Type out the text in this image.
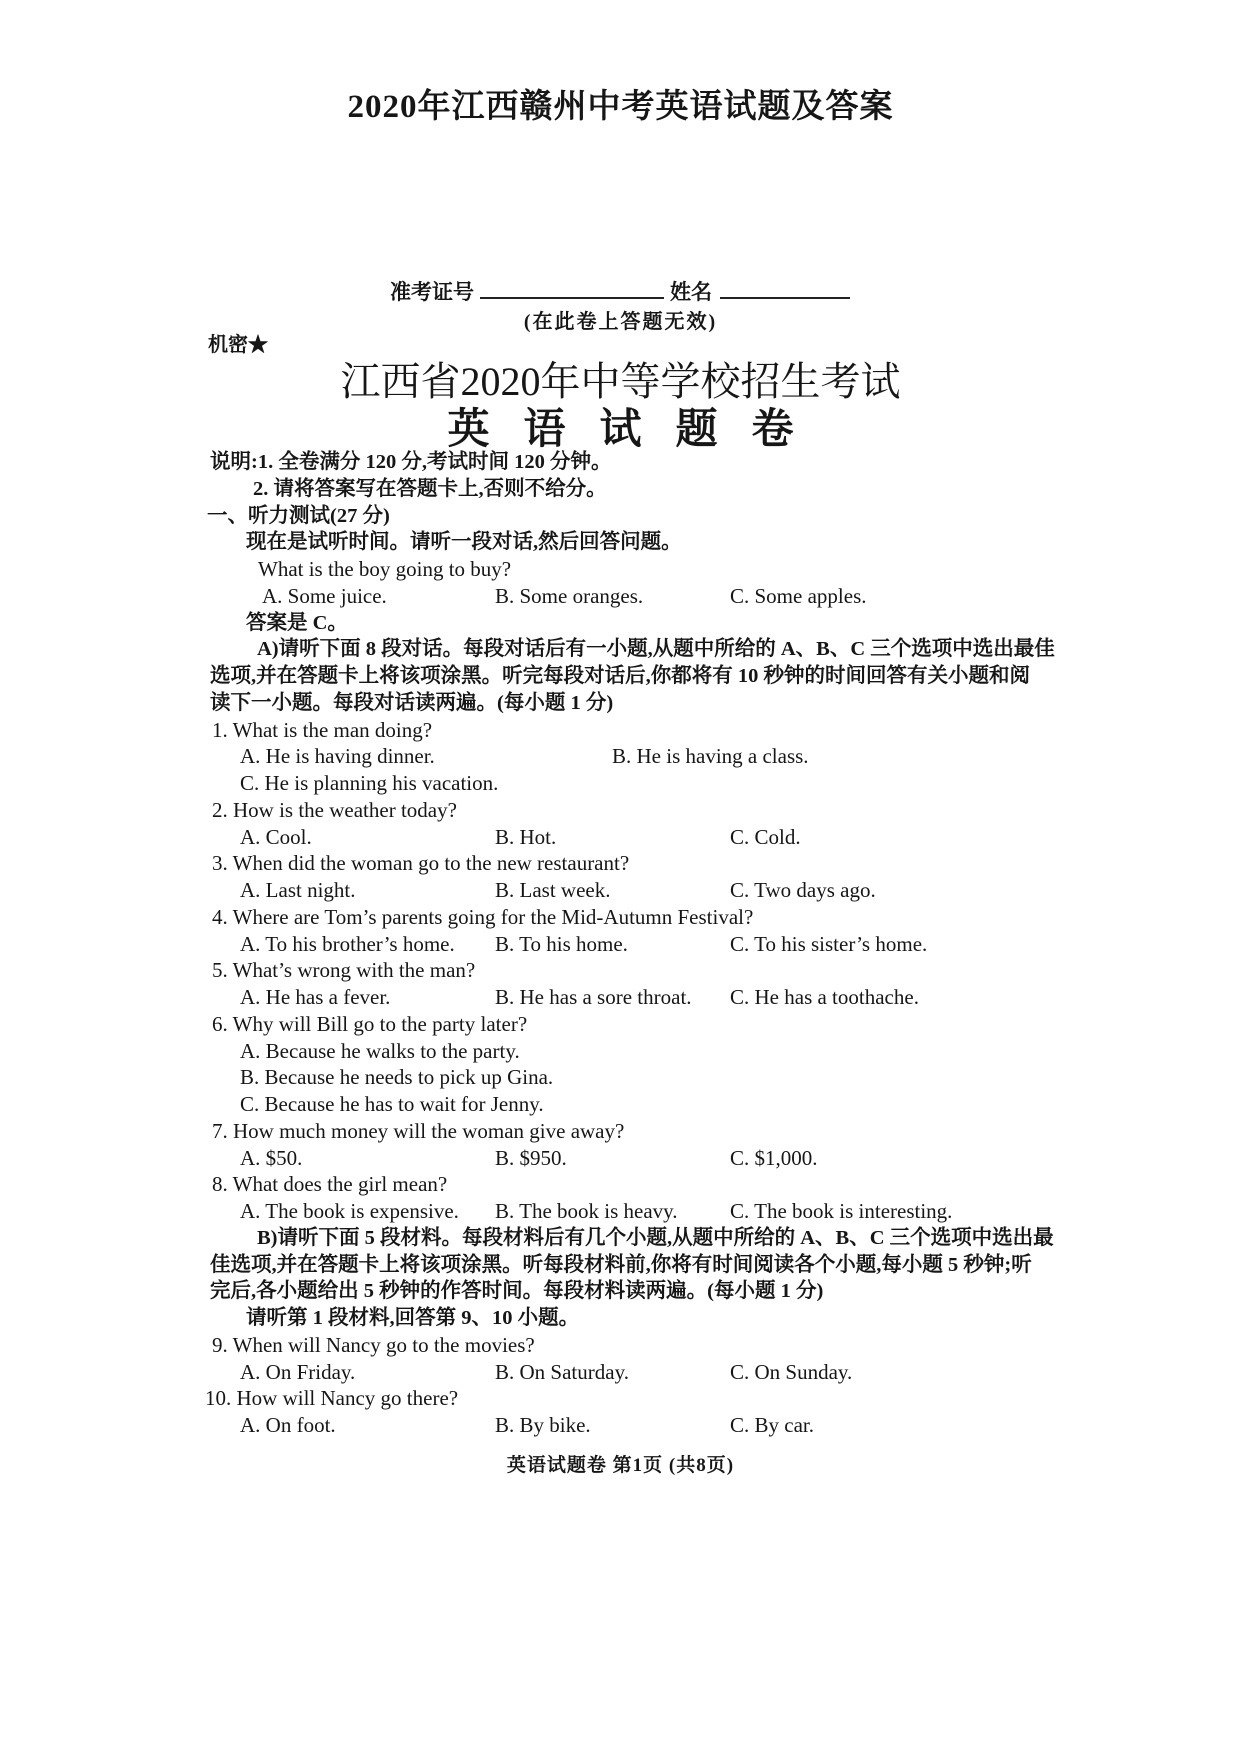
2020年江西赣州中考英语试题及答案
准考证号	姓名
(在此卷上答题无效)
机密★
江西省2020年中等学校招生考试
英语试题卷
说明:1. 全卷满分 120 分,考试时间 120 分钟。
2. 请将答案写在答题卡上,否则不给分。
一、听力测试(27 分)
现在是试听时间。请听一段对话,然后回答问题。
What is the boy going to buy?
A. Some juice.	B. Some oranges.	C. Some apples.
答案是 C。
A)请听下面 8 段对话。每段对话后有一小题,从题中所给的 A、B、C 三个选项中选出最佳
选项,并在答题卡上将该项涂黑。听完每段对话后,你都将有 10 秒钟的时间回答有关小题和阅
读下一小题。每段对话读两遍。(每小题 1 分)
1. What is the man doing?
A. He is having dinner.	B. He is having a class.
C. He is planning his vacation.
2. How is the weather today?
A. Cool.	B. Hot.	C. Cold.
3. When did the woman go to the new restaurant?
A. Last night.	B. Last week.	C. Two days ago.
4. Where are Tom’s parents going for the Mid-Autumn Festival?
A. To his brother’s home. B. To his home.	C. To his sister’s home.
5. What’s wrong with the man?
A. He has a fever.	B. He has a sore throat. C. He has a toothache.
6. Why will Bill go to the party later?
A. Because he walks to the party.
B. Because he needs to pick up Gina.
C. Because he has to wait for Jenny.
7. How much money will the woman give away?
A. $50.	B. $950.	C. $1,000.
8. What does the girl mean?
A. The book is expensive. B. The book is heavy. C. The book is interesting.
B)请听下面 5 段材料。每段材料后有几个小题,从题中所给的 A、B、C 三个选项中选出最
佳选项,并在答题卡上将该项涂黑。听每段材料前,你将有时间阅读各个小题,每小题 5 秒钟;听
完后,各小题给出 5 秒钟的作答时间。每段材料读两遍。(每小题 1 分)
请听第 1 段材料,回答第 9、10 小题。
9. When will Nancy go to the movies?
A. On Friday.	B. On Saturday.	C. On Sunday.
10. How will Nancy go there?
A. On foot.	B. By bike.	C. By car.
英语试题卷 第1页 (共8页)
